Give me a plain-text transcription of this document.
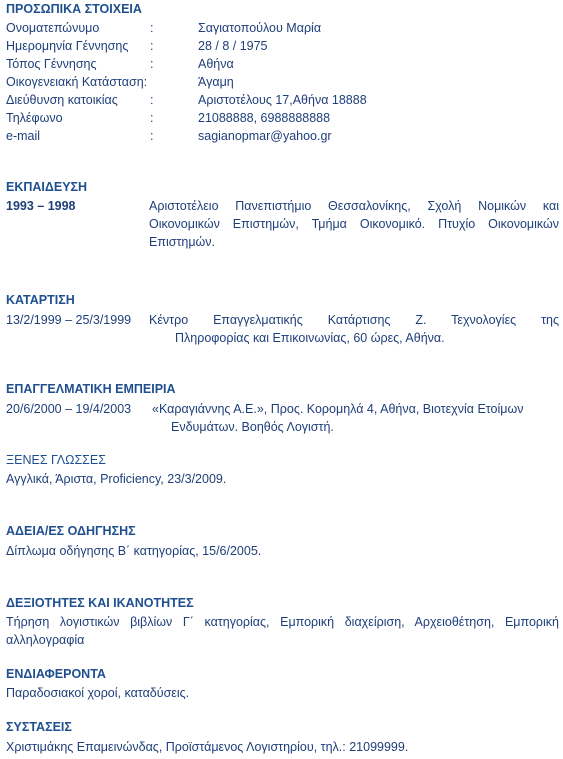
ΠΡΟΣΩΠΙΚΑ ΣΤΟΙΧΕΙΑ
Ονοματεπώνυμο	:	Σαγιατοπούλου Μαρία
Ημερομηνία Γέννησης :	28 / 8 / 1975
Τόπος Γέννησης	:	Αθήνα
Οικογενειακή Κατάσταση:	Άγαμη
Διεύθυνση κατοικίας	:	Αριστοτέλους 17,Αθήνα 18888
Τηλέφωνο	:	21088888, 6988888888
e-mail	:	sagianopmar@yahoo.gr
ΕΚΠΑΙΔΕΥΣΗ
1993 – 1998	Αριστοτέλειο Πανεπιστήμιο Θεσσαλονίκης, Σχολή Νομικών και
Οικονομικών Επιστημών, Τμήμα Οικονομικό. Πτυχίο Οικονομικών
Επιστημών.
ΚΑΤΑΡΤΙΣΗ
13/2/1999 – 25/3/1999 Κέντρο Επαγγελματικής Κατάρτισης Ζ. Τεχνολογίες της
Πληροφορίας και Επικοινωνίας, 60 ώρες, Αθήνα.
ΕΠΑΓΓΕΛΜΑΤΙΚΗ ΕΜΠΕΙΡΙΑ
20/6/2000 – 19/4/2003 «Καραγιάννης Α.Ε.», Προς. Κορομηλά 4, Αθήνα, Βιοτεχνία Ετοίμων
Ενδυμάτων. Βοηθός Λογιστή.
ΞΕΝΕΣ ΓΛΩΣΣΕΣ
Αγγλικά, Άριστα, Proficiency, 23/3/2009.
ΑΔΕΙΑ/ΕΣ ΟΔΗΓΗΣΗΣ
Δίπλωμα οδήγησης Β΄ κατηγορίας, 15/6/2005.
ΔΕΞΙΟΤΗΤΕΣ ΚΑΙ ΙΚΑΝΟΤΗΤΕΣ
Τήρηση λογιστικών βιβλίων Γ΄ κατηγορίας, Εμπορική διαχείριση, Αρχειοθέτηση, Εμπορική
αλληλογραφία
ΕΝΔΙΑΦΕΡΟΝΤΑ
Παραδοσιακοί χοροί, καταδύσεις.
ΣΥΣΤΑΣΕΙΣ
Χριστιμάκης Επαμεινώνδας, Προϊστάμενος Λογιστηρίου, τηλ.: 21099999.
